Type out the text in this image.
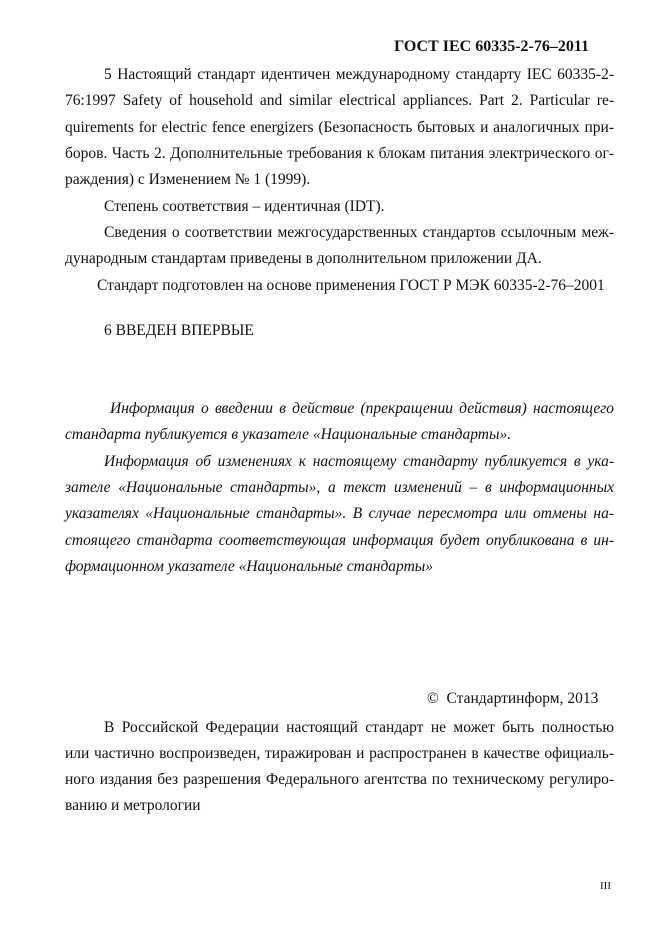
ГОСТ IEC 60335-2-76–2011
5 Настоящий стандарт идентичен международному стандарту IEC 60335-2-
76:1997 Safety of household and similar electrical appliances. Part 2. Particular re-
quirements for electric fence energizers (Безопасность бытовых и аналогичных при-
боров. Часть 2. Дополнительные требования к блокам питания электрического ог-
раждения) с Изменением № 1 (1999).
Степень соответствия – идентичная (IDT).
Сведения о соответствии межгосударственных стандартов ссылочным меж-
дународным стандартам приведены в дополнительном приложении ДА.
Стандарт подготовлен на основе применения ГОСТ Р МЭК 60335-2-76–2001
6 ВВЕДЕН ВПЕРВЫЕ
Информация о введении в действие (прекращении действия) настоящего
стандарта публикуется в указателе «Национальные стандарты».
Информация об изменениях к настоящему стандарту публикуется в ука-
зателе «Национальные стандарты», а текст изменений – в информационных
указателях «Национальные стандарты». В случае пересмотра или отмены на-
стоящего стандарта соответствующая информация будет опубликована в ин-
формационном указателе «Национальные стандарты»
©  Стандартинформ, 2013
В Российской Федерации настоящий стандарт не может быть полностью
или частично воспроизведен, тиражирован и распространен в качестве официаль-
ного издания без разрешения Федерального агентства по техническому регулиро-
ванию и метрологии
III
